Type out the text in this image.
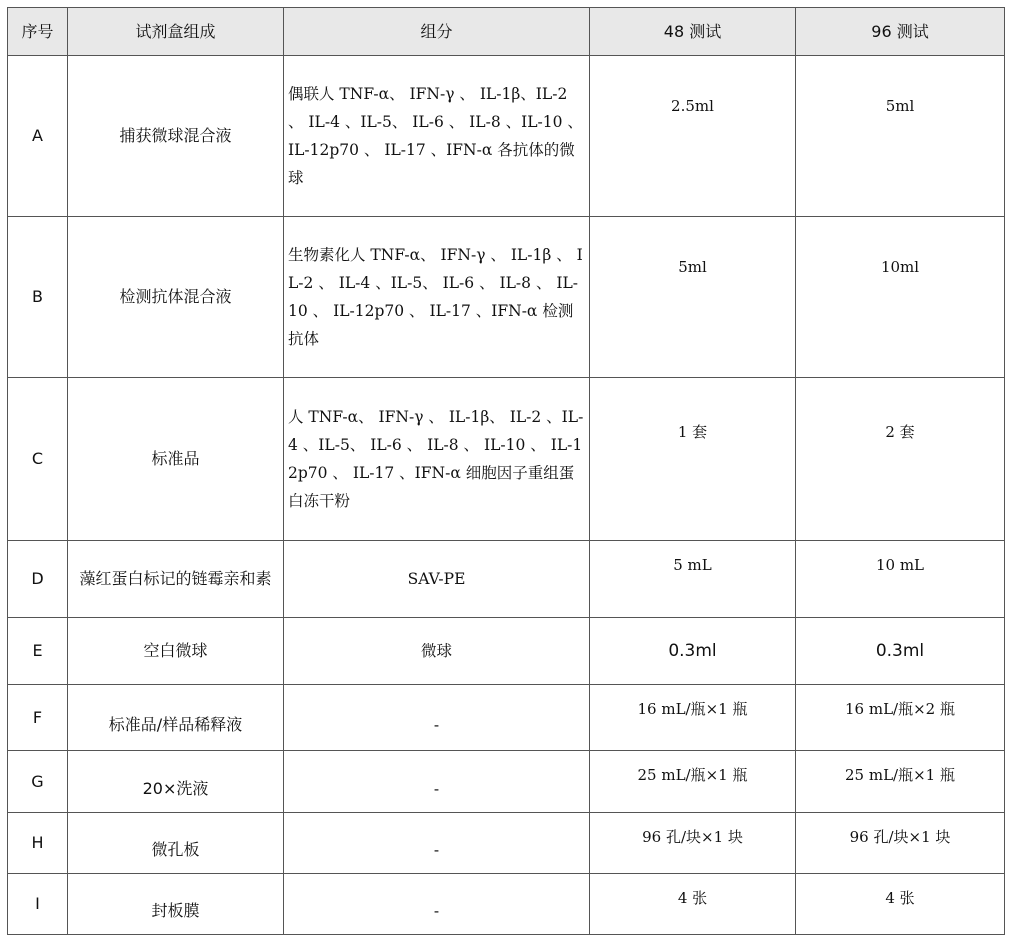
序号	试剂盒组成	组分	48 测试	96 测试
A	捕获微球混合液	偶联人 TNF-α、 IFN-γ 、 IL-1β、IL-2 、 IL-4 、IL-5、 IL-6 、 IL-8 、IL-10 、 IL-12p70 、 IL-17 、IFN-α 各抗体的微球	2.5ml	5ml
B	检测抗体混合液	生物素化人 TNF-α、 IFN-γ 、 IL-1β 、 IL-2 、 IL-4 、IL-5、 IL-6 、 IL-8 、 IL-10 、 IL-12p70 、 IL-17 、IFN-α 检测抗体	5ml	10ml
C	标准品	人 TNF-α、 IFN-γ 、 IL-1β、 IL-2 、IL-4 、IL-5、 IL-6 、 IL-8 、 IL-10 、 IL-12p70 、 IL-17 、IFN-α 细胞因子重组蛋白冻干粉	1 套	2 套
D	藻红蛋白标记的链霉亲和素	SAV-PE	5 mL	10 mL
E	空白微球	微球	0.3ml	0.3ml
F	标准品/样品稀释液	-	16 mL/瓶×1 瓶	16 mL/瓶×2 瓶
G	20×洗液	-	25 mL/瓶×1 瓶	25 mL/瓶×1 瓶
H	微孔板	-	96 孔/块×1 块	96 孔/块×1 块
I	封板膜	-	4 张	4 张
